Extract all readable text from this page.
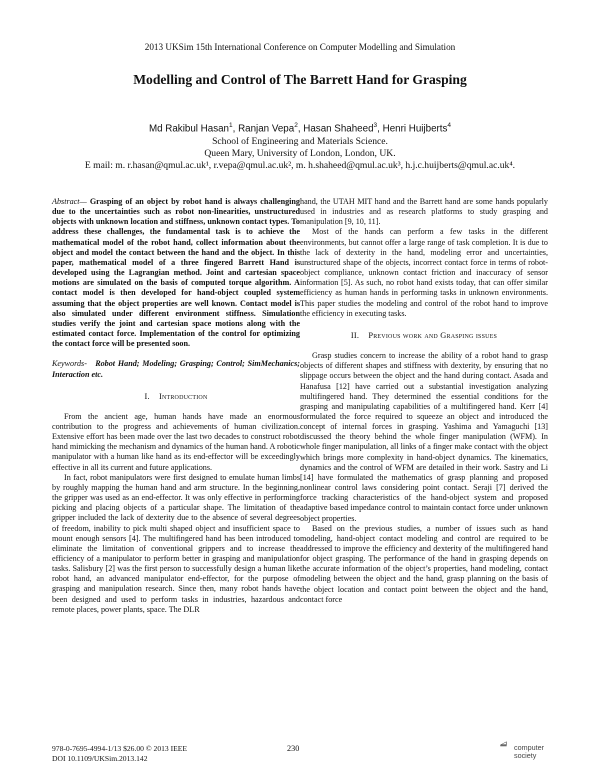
2013 UKSim 15th International Conference on Computer Modelling and Simulation
Modelling and Control of The Barrett Hand for Grasping
Md Rakibul Hasan$^1$, Ranjan Vepa$^2$, Hasan Shaheed$^3$, Henri Huijberts$^4$
School of Engineering and Materials Science.
Queen Mary, University of London, London, UK.
E mail: m. r.hasan@qmul.ac.uk¹, r.vepa@qmul.ac.uk², m. h.shaheed@qmul.ac.uk³, h.j.c.huijberts@qmul.ac.uk⁴.

Abstract— Grasping of an object by robot hand is always challenging due to the uncertainties such as robot non-linearities, unstructured objects with unknown location and stiffness, unknown contact types. To address these challenges, the fundamental task is to achieve the mathematical model of the robot hand, collect information about the object and model the contact between the hand and the object. In this paper, mathematical model of a three fingered Barrett Hand is developed using the Lagrangian method. Joint and cartesian space motions are simulated on the basis of computed torque algorithm. A contact model is then developed for hand-object coupled system assuming that the object properties are well known. Contact model is also simulated under different environment stiffness. Simulation studies verify the joint and cartesian space motions along with the estimated contact force. Implementation of the control for optimizing the contact force will be presented soon.

Keywords- Robot Hand; Modeling; Grasping; Control; SimMechanics; Interaction etc.

I. Introduction

From the ancient age, human hands have made an enormous contribution to the progress and achievements of human civilization. Extensive effort has been made over the last two decades to construct robot hand mimicking the mechanism and dynamics of the human hand. A robotic manipulator with a human like hand as its end-effector will be exceedingly effective in all its current and future applications.

In fact, robot manipulators were first designed to emulate human limbs by roughly mapping the human hand and arm structure. In the beginning, the gripper was used as an end-effector. It was only effective in performing picking and placing objects of a particular shape. The limitation of the gripper included the lack of dexterity due to the absence of several degrees of freedom, inability to pick multi shaped object and insufficient space to mount enough sensors [4]. The multifingered hand has been introduced to eliminate the limitation of conventional grippers and to increase the efficiency of a manipulator to perform better in grasping and manipulation tasks. Salisbury [2] was the first person to successfully design a human like robot hand, an advanced manipulator end-effector, for the purpose of grasping and manipulation research. Since then, many robot hands have been designed and used to perform tasks in industries, hazardous and remote places, power plants, space. The DLR

hand, the UTAH MIT hand and the Barrett hand are some hands popularly used in industries and as research platforms to study grasping and manipulation [9, 10, 11].

Most of the hands can perform a few tasks in the different environments, but cannot offer a large range of task completion. It is due to the lack of dexterity in the hand, modeling error and uncertainties, unstructured shape of the objects, incorrect contact force in terms of robot-object compliance, unknown contact friction and inaccuracy of sensor information [5]. As such, no robot hand exists today, that can offer similar efficiency as human hands in performing tasks in unknown environments. This paper studies the modeling and control of the robot hand to improve the efficiency in executing tasks.

II. Previous work and Grasping issues

Grasp studies concern to increase the ability of a robot hand to grasp objects of different shapes and stiffness with dexterity, by ensuring that no slippage occurs between the object and the hand during contact. Asada and Hanafusa [12] have carried out a substantial investigation analyzing multifingered hand. They determined the essential conditions for the grasping and manipulating capabilities of a multifingered hand. Kerr [4] formulated the force required to squeeze an object and introduced the concept of internal forces in grasping. Yashima and Yamaguchi [13] discussed the theory behind the whole finger manipulation (WFM). In whole finger manipulation, all links of a finger make contact with the object which brings more complexity in hand-object dynamics. The kinematics, dynamics and the control of WFM are detailed in their work. Sastry and Li [14] have formulated the mathematics of grasp planning and proposed nonlinear control laws considering point contact. Seraji [7] derived the force tracking characteristics of the hand-object system and proposed adaptive based impedance control to maintain contact force under unknown object properties.

Based on the previous studies, a number of issues such as hand modeling, hand-object contact modeling and control are required to be addressed to improve the efficiency and dexterity of the multifingered hand for object grasping. The performance of the hand in grasping depends on the accurate information of the object’s properties, hand modeling, contact modeling between the object and the hand, grasp planning on the basis of the object location and contact point between the object and the hand, contact force

978-0-7695-4994-1/13 $26.00 © 2013 IEEE
DOI 10.1109/UKSim.2013.142
230
⧡ computer
society
